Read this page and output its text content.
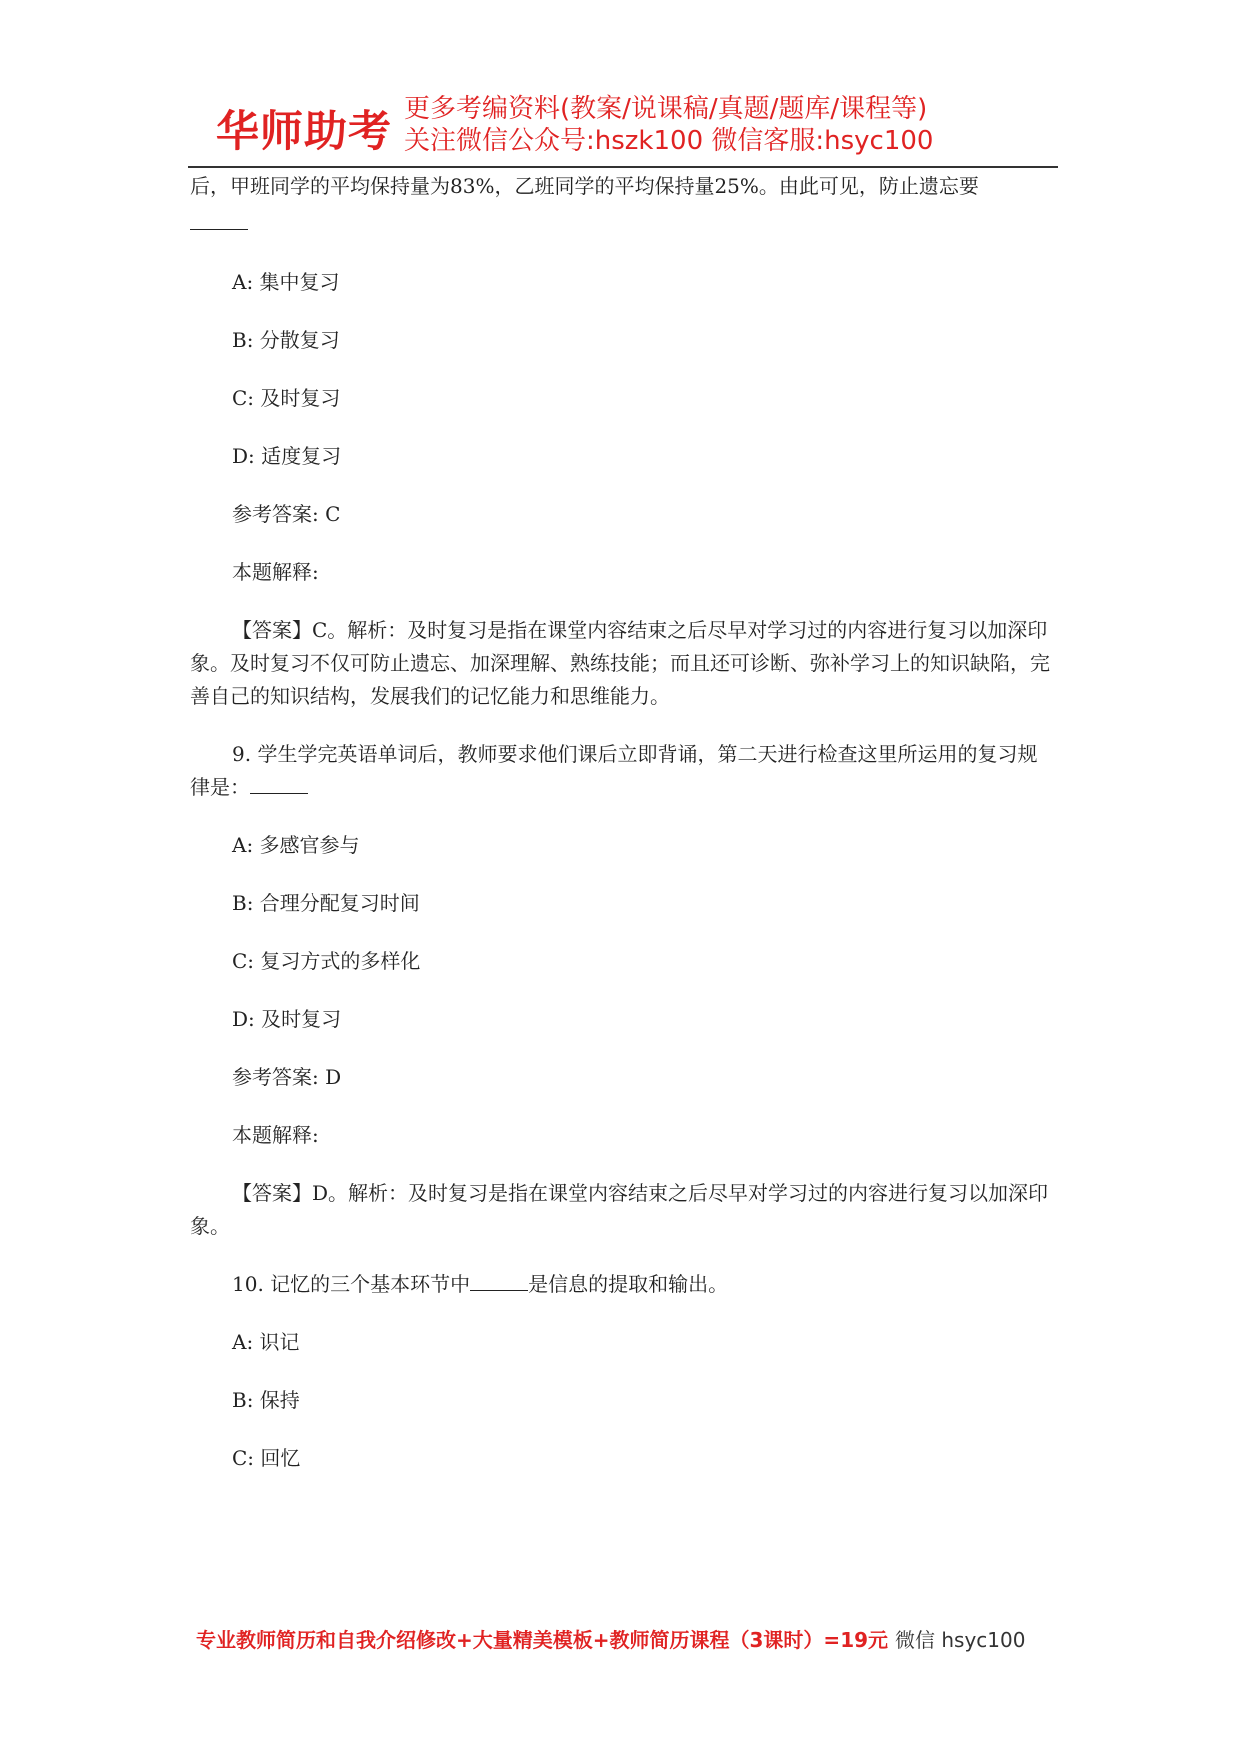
华师助考 更多考编资料(教案/说课稿/真题/题库/课程等)
关注微信公众号:hszk100 微信客服:hsyc100

后，甲班同学的平均保持量为83%，乙班同学的平均保持量25%。由此可见，防止遗忘要

A: 集中复习

B: 分散复习

C: 及时复习

D: 适度复习

参考答案: C

本题解释:

【答案】C。解析：及时复习是指在课堂内容结束之后尽早对学习过的内容进行复习以加深印象。及时复习不仅可防止遗忘、加深理解、熟练技能；而且还可诊断、弥补学习上的知识缺陷，完善自己的知识结构，发展我们的记忆能力和思维能力。

9. 学生学完英语单词后，教师要求他们课后立即背诵，第二天进行检查这里所运用的复习规律是：

A: 多感官参与

B: 合理分配复习时间

C: 复习方式的多样化

D: 及时复习

参考答案: D

本题解释:

【答案】D。解析：及时复习是指在课堂内容结束之后尽早对学习过的内容进行复习以加深印象。

10. 记忆的三个基本环节中	是信息的提取和输出。

A: 识记

B: 保持

C: 回忆

专业教师简历和自我介绍修改+大量精美模板+教师简历课程（3课时）=19元 微信 hsyc100
